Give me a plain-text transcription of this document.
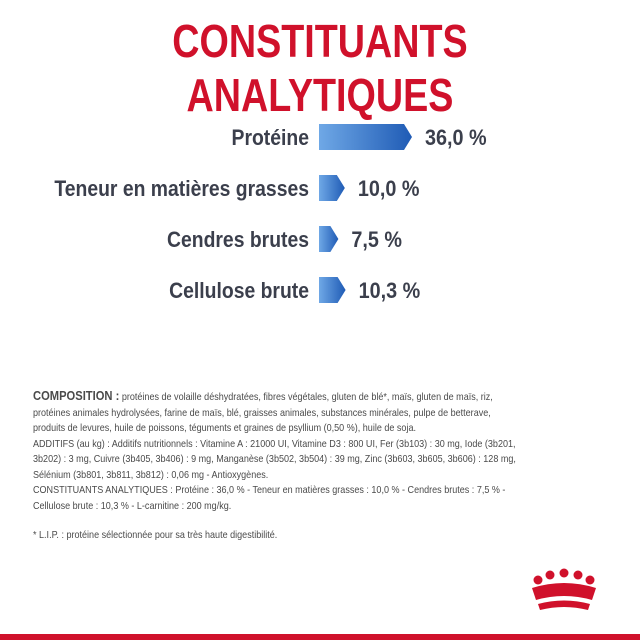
CONSTITUANTS ANALYTIQUES
Protéine	36,0 %
Teneur en matières grasses 10,0 %
Cendres brutes 7,5 %
Cellulose brute 10,3 %
COMPOSITION : protéines de volaille déshydratées, fibres végétales, gluten de blé*, maïs, gluten de maïs, riz,
protéines animales hydrolysées, farine de maïs, blé, graisses animales, substances minérales, pulpe de betterave,
produits de levures, huile de poissons, téguments et graines de psyllium (0,50 %), huile de soja.
ADDITIFS (au kg) : Additifs nutritionnels : Vitamine A : 21000 UI, Vitamine D3 : 800 UI, Fer (3b103) : 30 mg, Iode (3b201,
3b202) : 3 mg, Cuivre (3b405, 3b406) : 9 mg, Manganèse (3b502, 3b504) : 39 mg, Zinc (3b603, 3b605, 3b606) : 128 mg,
Sélénium (3b801, 3b811, 3b812) : 0,06 mg - Antioxygènes.
CONSTITUANTS ANALYTIQUES : Protéine : 36,0 % - Teneur en matières grasses : 10,0 % - Cendres brutes : 7,5 % -
Cellulose brute : 10,3 % - L-carnitine : 200 mg/kg.
* L.I.P. : protéine sélectionnée pour sa très haute digestibilité.
